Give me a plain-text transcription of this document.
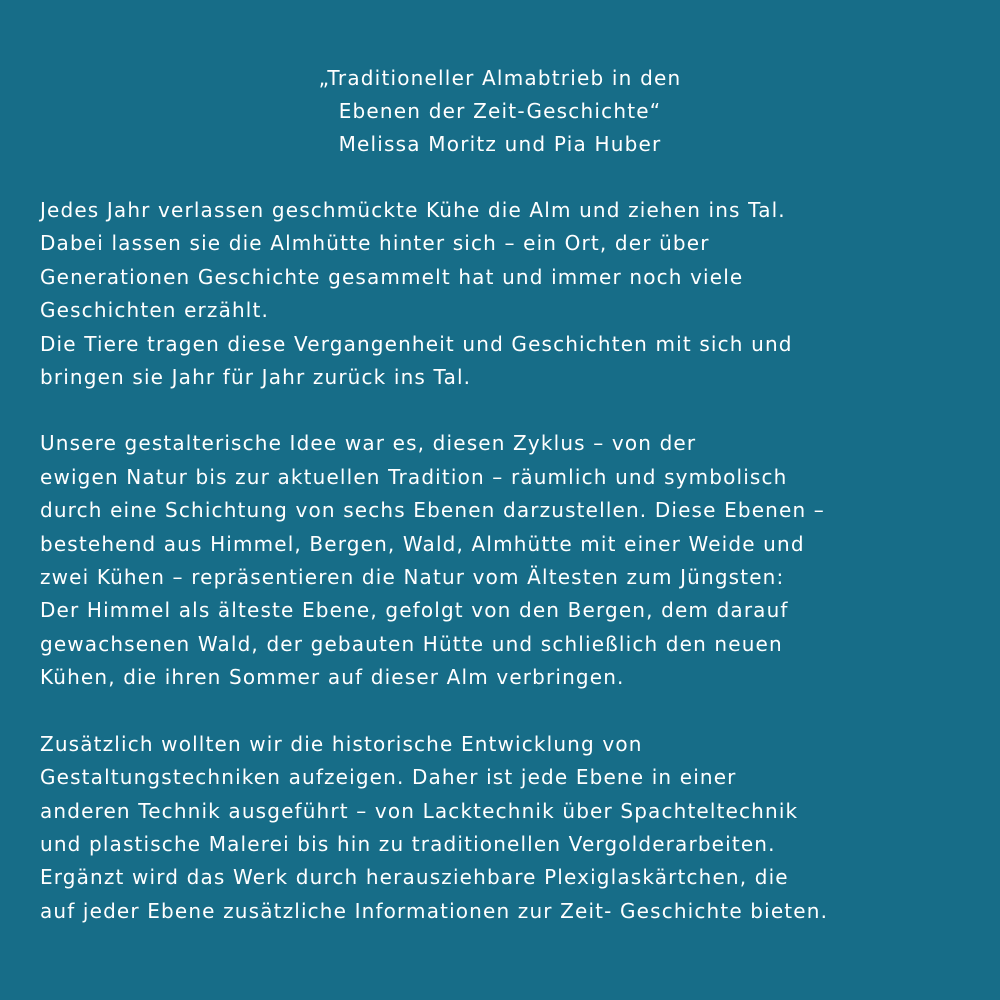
„Traditioneller Almabtrieb in den
Ebenen der Zeit-Geschichte“
Melissa Moritz und Pia Huber
Jedes Jahr verlassen geschmückte Kühe die Alm und ziehen ins Tal.
Dabei lassen sie die Almhütte hinter sich – ein Ort, der über
Generationen Geschichte gesammelt hat und immer noch viele
Geschichten erzählt.
Die Tiere tragen diese Vergangenheit und Geschichten mit sich und
bringen sie Jahr für Jahr zurück ins Tal.
Unsere gestalterische Idee war es, diesen Zyklus – von der
ewigen Natur bis zur aktuellen Tradition – räumlich und symbolisch
durch eine Schichtung von sechs Ebenen darzustellen. Diese Ebenen –
bestehend aus Himmel, Bergen, Wald, Almhütte mit einer Weide und
zwei Kühen – repräsentieren die Natur vom Ältesten zum Jüngsten:
Der Himmel als älteste Ebene, gefolgt von den Bergen, dem darauf
gewachsenen Wald, der gebauten Hütte und schließlich den neuen
Kühen, die ihren Sommer auf dieser Alm verbringen.
Zusätzlich wollten wir die historische Entwicklung von
Gestaltungstechniken aufzeigen. Daher ist jede Ebene in einer
anderen Technik ausgeführt – von Lacktechnik über Spachteltechnik
und plastische Malerei bis hin zu traditionellen Vergolderarbeiten.
Ergänzt wird das Werk durch herausziehbare Plexiglaskärtchen, die
auf jeder Ebene zusätzliche Informationen zur Zeit- Geschichte bieten.
